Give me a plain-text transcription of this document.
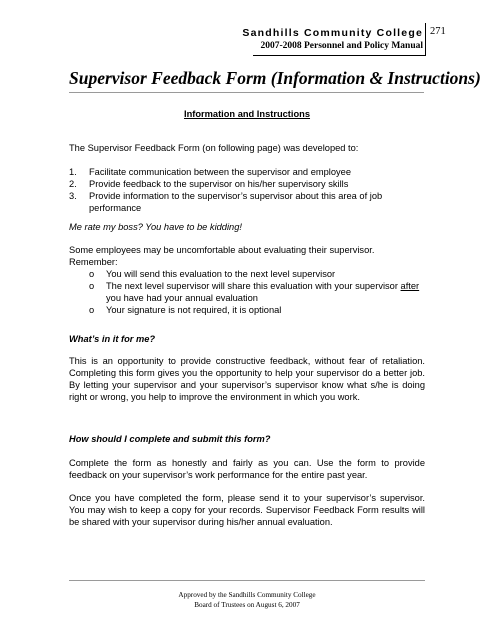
Sandhills Community College
2007-2008 Personnel and Policy Manual
271
Supervisor Feedback Form (Information & Instructions)
Information and Instructions
The Supervisor Feedback Form (on following page) was developed to:
1. Facilitate communication between the supervisor and employee
2. Provide feedback to the supervisor on his/her supervisory skills
3. Provide information to the supervisor’s supervisor about this area of job performance
Me rate my boss? You have to be kidding!
Some employees may be uncomfortable about evaluating their supervisor. Remember:
o You will send this evaluation to the next level supervisor
o The next level supervisor will share this evaluation with your supervisor after you have had your annual evaluation
o Your signature is not required, it is optional
What’s in it for me?
This is an opportunity to provide constructive feedback, without fear of retaliation. Completing this form gives you the opportunity to help your supervisor do a better job. By letting your supervisor and your supervisor’s supervisor know what s/he is doing right or wrong, you help to improve the environment in which you work.
How should I complete and submit this form?
Complete the form as honestly and fairly as you can. Use the form to provide feedback on your supervisor’s work performance for the entire past year.
Once you have completed the form, please send it to your supervisor’s supervisor. You may wish to keep a copy for your records. Supervisor Feedback Form results will be shared with your supervisor during his/her annual evaluation.
Approved by the Sandhills Community College
Board of Trustees on August 6, 2007
